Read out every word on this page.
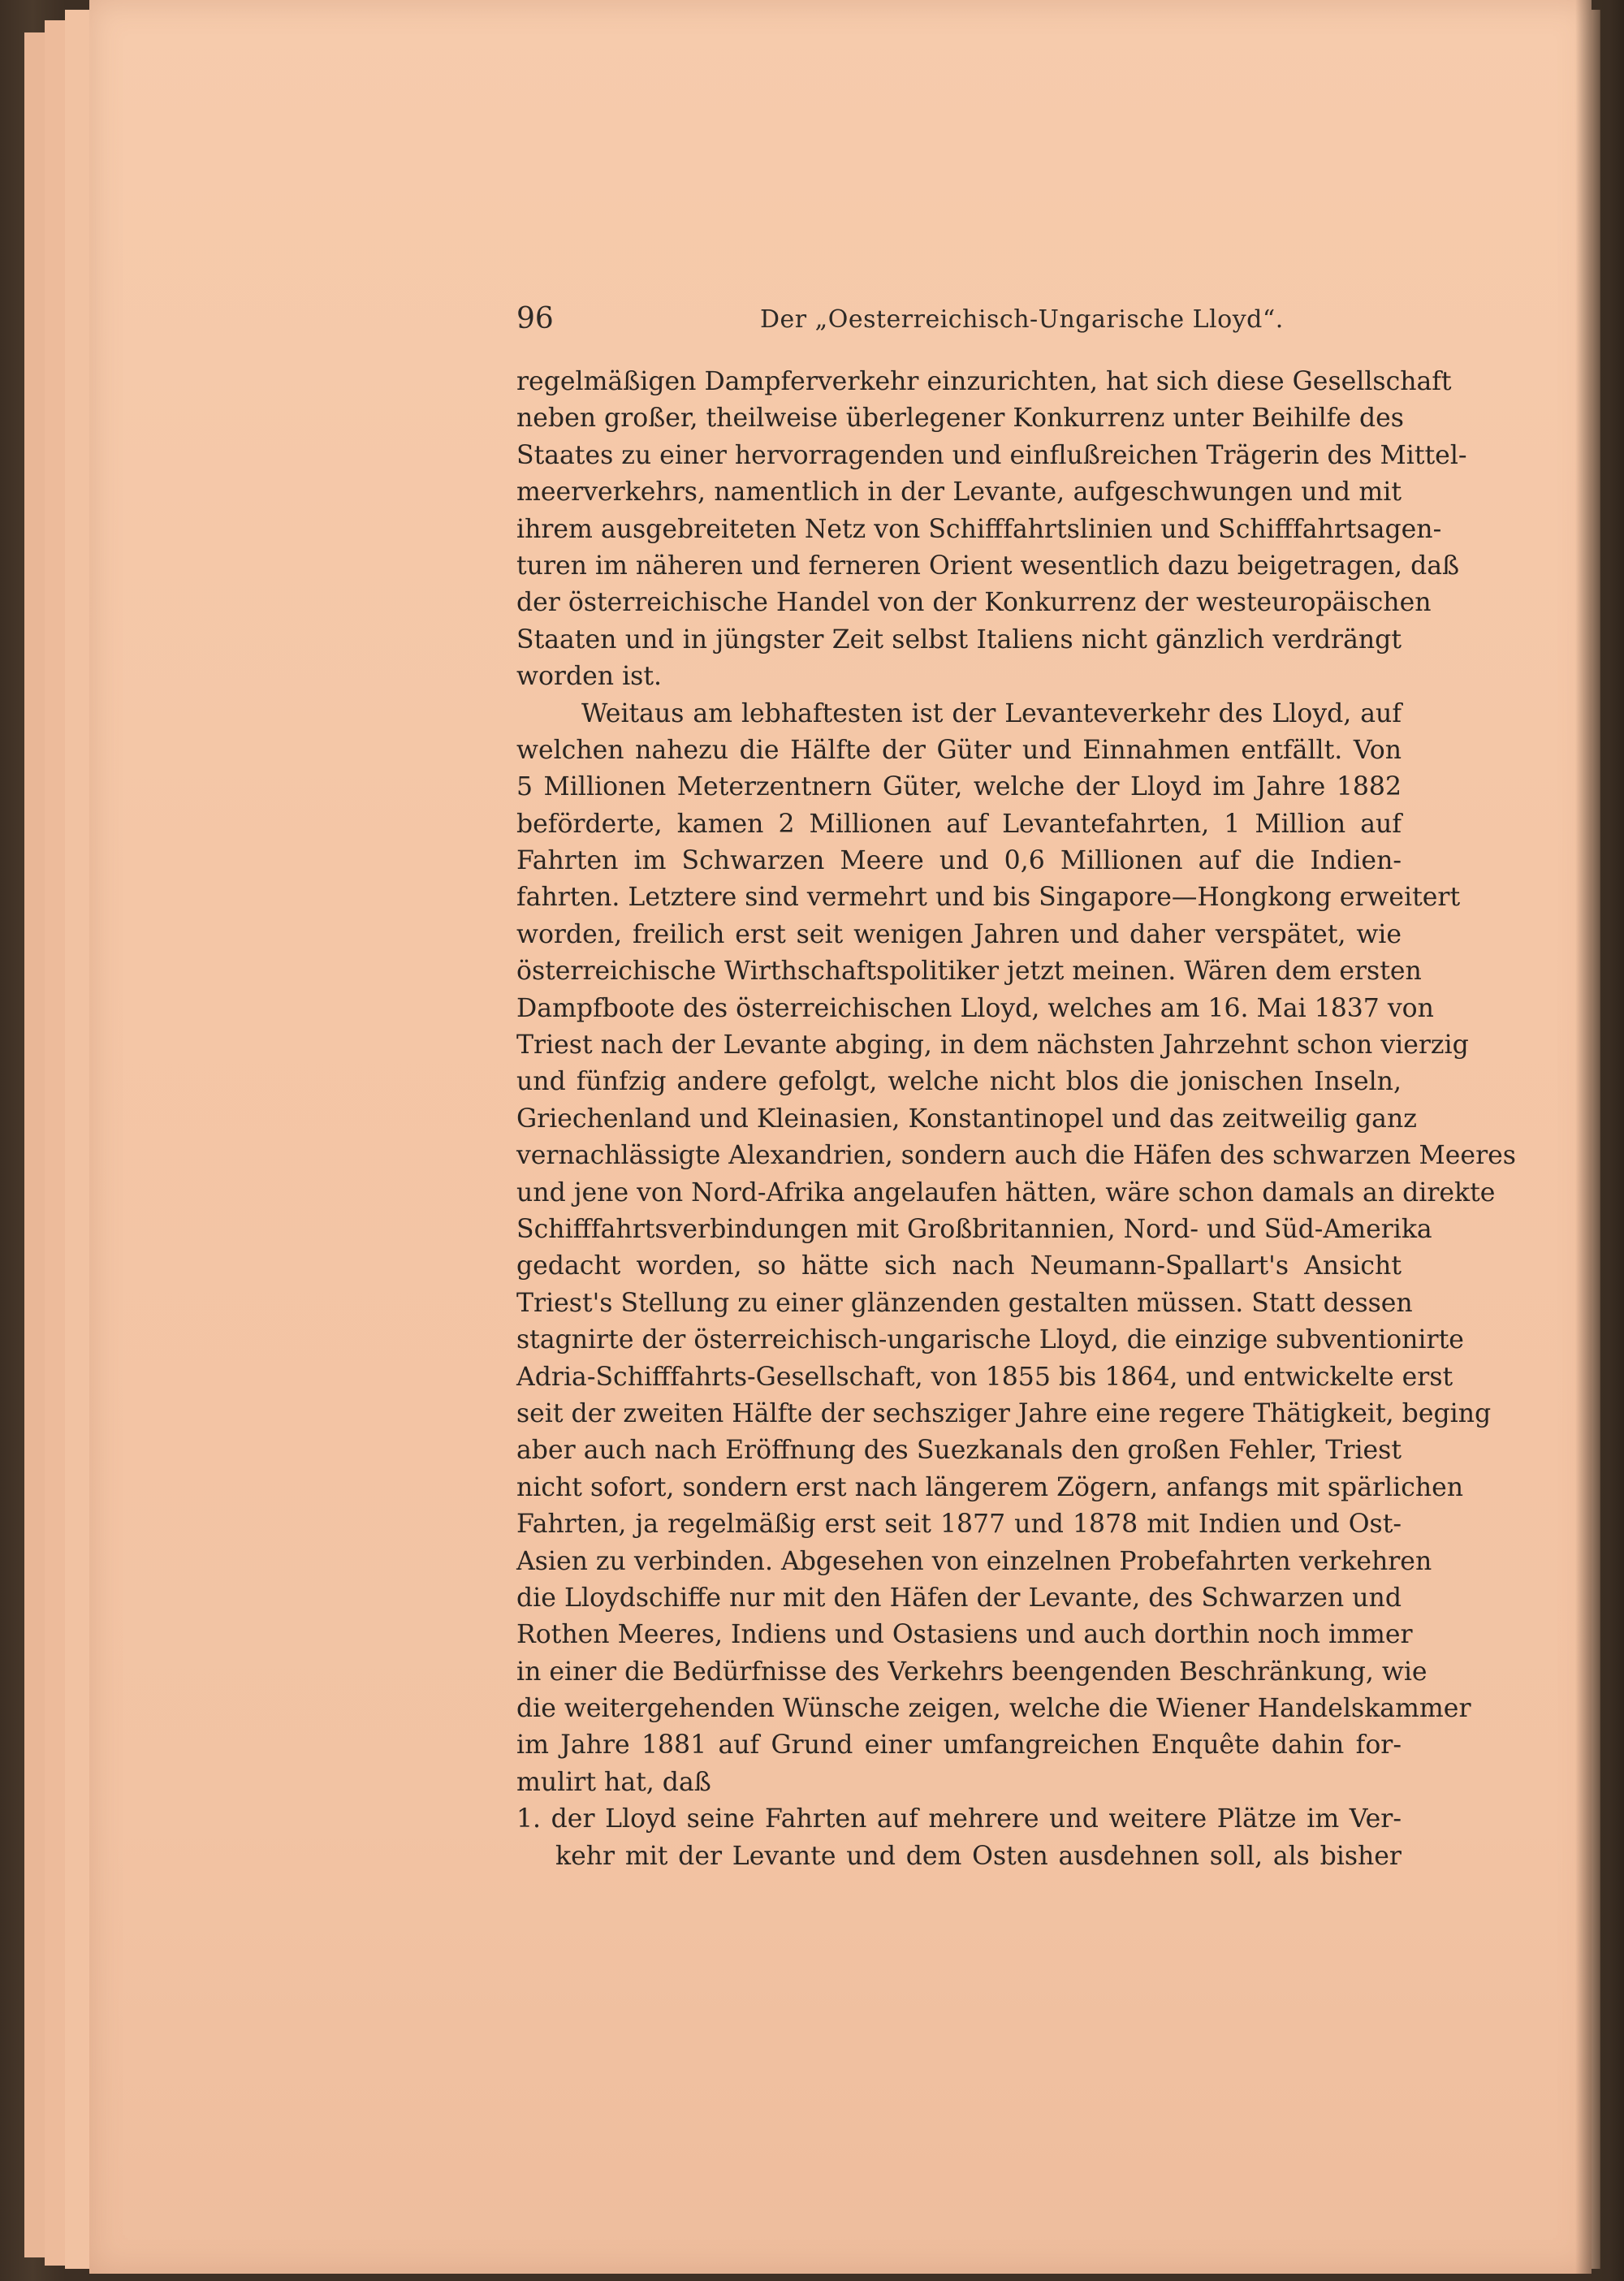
96	Der „Oesterreichisch-Ungarische Lloyd“.
regelmäßigen Dampferverkehr einzurichten, hat sich diese Gesellschaft
neben großer, theilweise überlegener Konkurrenz unter Beihilfe des
Staates zu einer hervorragenden und einflußreichen Trägerin des Mittel-
meerverkehrs, namentlich in der Levante, aufgeschwungen und mit
ihrem ausgebreiteten Netz von Schifffahrtslinien und Schifffahrtsagen-
turen im näheren und ferneren Orient wesentlich dazu beigetragen, daß
der österreichische Handel von der Konkurrenz der westeuropäischen
Staaten und in jüngster Zeit selbst Italiens nicht gänzlich verdrängt
worden ist.
Weitaus am lebhaftesten ist der Levanteverkehr des Lloyd, auf
welchen nahezu die Hälfte der Güter und Einnahmen entfällt. Von
5 Millionen Meterzentnern Güter, welche der Lloyd im Jahre 1882
beförderte, kamen 2 Millionen auf Levantefahrten, 1 Million auf
Fahrten im Schwarzen Meere und 0,6 Millionen auf die Indien-
fahrten. Letztere sind vermehrt und bis Singapore—Hongkong erweitert
worden, freilich erst seit wenigen Jahren und daher verspätet, wie
österreichische Wirthschaftspolitiker jetzt meinen. Wären dem ersten
Dampfboote des österreichischen Lloyd, welches am 16. Mai 1837 von
Triest nach der Levante abging, in dem nächsten Jahrzehnt schon vierzig
und fünfzig andere gefolgt, welche nicht blos die jonischen Inseln,
Griechenland und Kleinasien, Konstantinopel und das zeitweilig ganz
vernachlässigte Alexandrien, sondern auch die Häfen des schwarzen Meeres
und jene von Nord-Afrika angelaufen hätten, wäre schon damals an direkte
Schifffahrtsverbindungen mit Großbritannien, Nord- und Süd-Amerika
gedacht worden, so hätte sich nach Neumann-Spallart's Ansicht
Triest's Stellung zu einer glänzenden gestalten müssen. Statt dessen
stagnirte der österreichisch-ungarische Lloyd, die einzige subventionirte
Adria-Schifffahrts-Gesellschaft, von 1855 bis 1864, und entwickelte erst
seit der zweiten Hälfte der sechsziger Jahre eine regere Thätigkeit, beging
aber auch nach Eröffnung des Suezkanals den großen Fehler, Triest
nicht sofort, sondern erst nach längerem Zögern, anfangs mit spärlichen
Fahrten, ja regelmäßig erst seit 1877 und 1878 mit Indien und Ost-
Asien zu verbinden. Abgesehen von einzelnen Probefahrten verkehren
die Lloydschiffe nur mit den Häfen der Levante, des Schwarzen und
Rothen Meeres, Indiens und Ostasiens und auch dorthin noch immer
in einer die Bedürfnisse des Verkehrs beengenden Beschränkung, wie
die weitergehenden Wünsche zeigen, welche die Wiener Handelskammer
im Jahre 1881 auf Grund einer umfangreichen Enquête dahin for-
mulirt hat, daß
1. der Lloyd seine Fahrten auf mehrere und weitere Plätze im Ver-
kehr mit der Levante und dem Osten ausdehnen soll, als bisher
